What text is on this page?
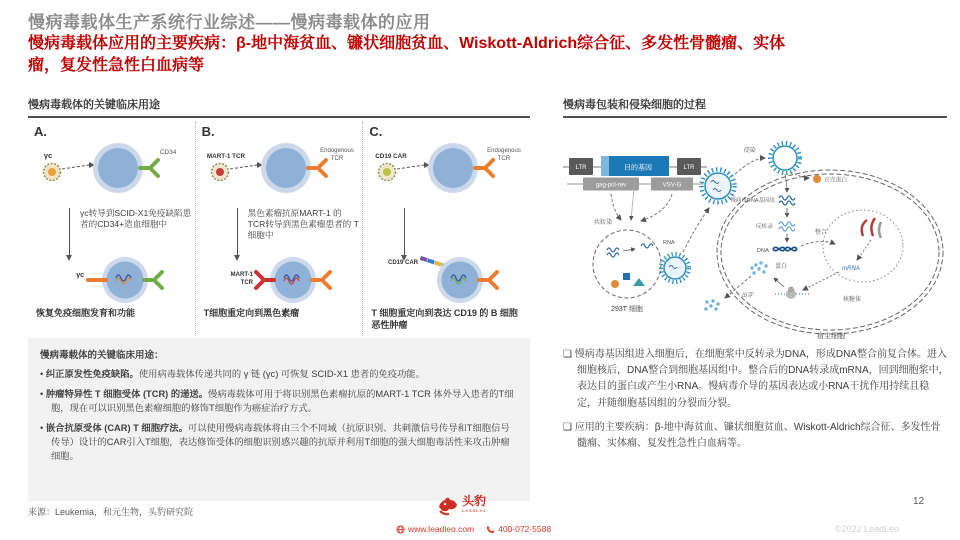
慢病毒载体生产系统行业综述——慢病毒载体的应用
慢病毒载体应用的主要疾病：β-地中海贫血、镰状细胞贫血、Wiskott-Aldrich综合征、多发性骨髓瘤、实体瘤，复发性急性白血病等
慢病毒载体的关键临床用途	慢病毒包装和侵染细胞的过程
A.
γc	CD34
γc转导到SCID-X1免疫缺陷患者的CD34+造血细胞中
γc
恢复免疫细胞发育和功能
B.
MART-1 TCR
Endogenous
TCR
黑色素瘤抗原MART-1 的 TCR转导到黑色素瘤患者的 T 细胞中
MART-1
TCR
T细胞重定向到黑色素瘤
C.
CD19 CAR
Endogenous
TCR
CD19 CAR
T 细胞重定向到表达 CD19 的 B 细胞恶性肿瘤
慢病毒载体的关键临床用途：
• 纠正原发性免疫缺陷。使用病毒载体传递共同的 γ 链 (γc) 可恢复 SCID-X1 患者的免疫功能。
• 肿瘤特异性 T 细胞受体 (TCR) 的递送。慢病毒载体可用于将识别黑色素瘤抗原的MART-1 TCR 体外导入患者的T细胞，现在可以识别黑色素瘤细胞的修饰T细胞作为癌症治疗方式。
• 嵌合抗原受体 (CAR) T 细胞疗法。可以使用慢病毒载体将由三个不同域（抗原识别、共刺激信号传导和T细胞信号传导）设计的CAR引入T细胞，表达修饰受体的细胞识别感兴趣的抗原并利用T细胞的强大细胞毒活性来攻击肿瘤细胞。
LTR	目的基因	LTR
gag-pol-rev	VSV-G
共转染
RNA
293T 细胞
侵染
衣壳蛋白
慢病毒RNA基因组
反转录
DNA
整合
mRNA
核糖体
蛋白
出芽
宿主细胞
❑ 慢病毒基因组进入细胞后，在细胞浆中反转录为DNA，形成DNA整合前复合体。进入细胞核后，DNA整合到细胞基因组中。整合后的DNA转录成mRNA，回到细胞浆中，表达目的蛋白或产生小RNA。慢病毒介导的基因表达或小RNA干扰作用持续且稳定，并随细胞基因组的分裂而分裂。
❑ 应用的主要疾病：β-地中海贫血、镰状细胞贫血、Wiskott-Aldrich综合征、多发性骨髓瘤、实体瘤、复发性急性白血病等。
来源：Leukemia，和元生物，头豹研究院
头豹
LeadLeo
www.leadleo.com	400-072-5588	©2022 LeadLeo
12
